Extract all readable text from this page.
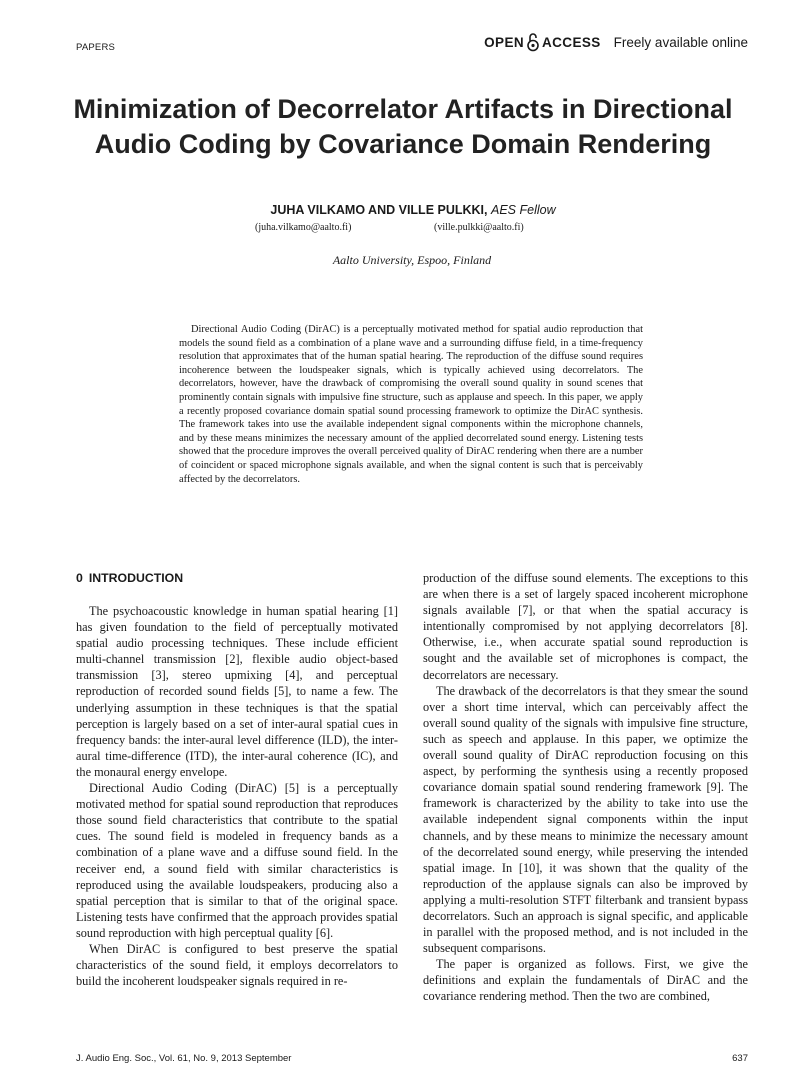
PAPERS	OPEN ACCESS Freely available online
Minimization of Decorrelator Artifacts in Directional
Audio Coding by Covariance Domain Rendering
JUHA VILKAMO AND VILLE PULKKI, AES Fellow
(juha.vilkamo@aalto.fi)	(ville.pulkki@aalto.fi)
Aalto University, Espoo, Finland

Directional Audio Coding (DirAC) is a perceptually motivated method for spatial audio reproduction that models the sound field as a combination of a plane wave and a surrounding diffuse field, in a time-frequency resolution that approximates that of the human spatial hearing. The reproduction of the diffuse sound requires incoherence between the loudspeaker signals, which is typically achieved using decorrelators. The decorrelators, however, have the drawback of compromising the overall sound quality in sound scenes that prominently contain signals with impulsive fine structure, such as applause and speech. In this paper, we apply a recently proposed covariance domain spatial sound processing framework to optimize the DirAC synthesis. The framework takes into use the available independent signal components within the microphone channels, and by these means minimizes the necessary amount of the applied decorrelated sound energy. Listening tests showed that the procedure improves the overall perceived quality of DirAC rendering when there are a number of coincident or spaced microphone signals available, and when the signal content is such that is perceivably affected by the decorrelators.

0 INTRODUCTION

The psychoacoustic knowledge in human spatial hearing [1] has given foundation to the field of perceptually motivated spatial audio processing techniques. These include efficient multi-channel transmission [2], flexible audio object-based transmission [3], stereo upmixing [4], and perceptual reproduction of recorded sound fields [5], to name a few. The underlying assumption in these techniques is that the spatial perception is largely based on a set of inter-aural spatial cues in frequency bands: the inter-aural level difference (ILD), the inter-aural time-difference (ITD), the inter-aural coherence (IC), and the monaural energy envelope.

Directional Audio Coding (DirAC) [5] is a perceptually motivated method for spatial sound reproduction that reproduces those sound field characteristics that contribute to the spatial cues. The sound field is modeled in frequency bands as a combination of a plane wave and a diffuse sound field. In the receiver end, a sound field with similar characteristics is reproduced using the available loudspeakers, producing also a spatial perception that is similar to that of the original space. Listening tests have confirmed that the approach provides spatial sound reproduction with high perceptual quality [6].

When DirAC is configured to best preserve the spatial characteristics of the sound field, it employs decorrelators to build the incoherent loudspeaker signals required in re-

production of the diffuse sound elements. The exceptions to this are when there is a set of largely spaced incoherent microphone signals available [7], or that when the spatial accuracy is intentionally compromised by not applying decorrelators [8]. Otherwise, i.e., when accurate spatial sound reproduction is sought and the available set of microphones is compact, the decorrelators are necessary.

The drawback of the decorrelators is that they smear the sound over a short time interval, which can perceivably affect the overall sound quality of the signals with impulsive fine structure, such as speech and applause. In this paper, we optimize the overall sound quality of DirAC reproduction focusing on this aspect, by performing the synthesis using a recently proposed covariance domain spatial sound rendering framework [9]. The framework is characterized by the ability to take into use the available independent signal components within the input channels, and by these means to minimize the necessary amount of the decorrelated sound energy, while preserving the intended spatial image. In [10], it was shown that the quality of the reproduction of the applause signals can also be improved by applying a multi-resolution STFT filterbank and transient bypass decorrelators. Such an approach is signal specific, and applicable in parallel with the proposed method, and is not included in the subsequent comparisons.

The paper is organized as follows. First, we give the definitions and explain the fundamentals of DirAC and the covariance rendering method. Then the two are combined,

J. Audio Eng. Soc., Vol. 61, No. 9, 2013 September	637
